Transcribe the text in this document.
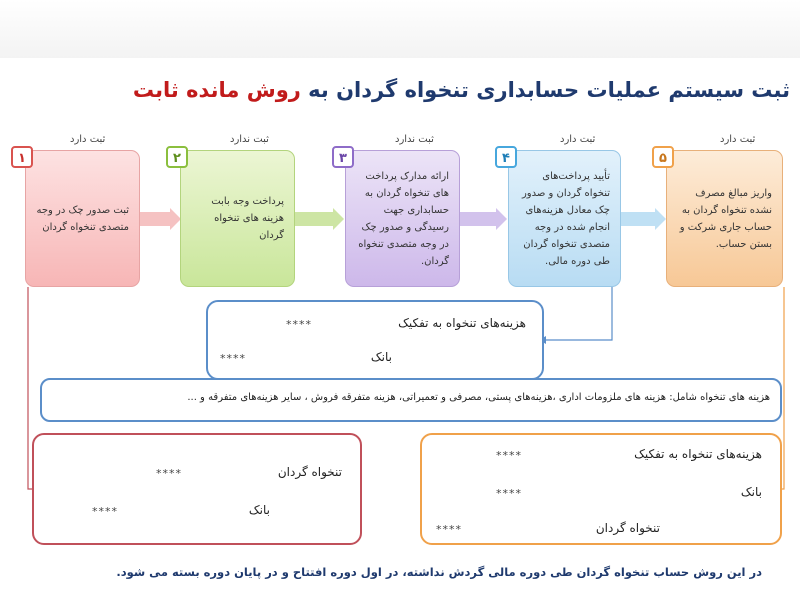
ثبت سیستم عملیات حسابداری تنخواه گردان به روش مانده ثابت
ثبت دارد	ثبت ندارد	ثبت ندارد	ثبت دارد	ثبت دارد
ثبت صدور چک در وجه متصدی تنخواه گردان
پرداخت وجه بابت هزینه های تنخواه گردان
ارائه مدارک پرداخت های تنخواه گردان به حسابداری جهت رسیدگی و صدور چک در وجه متصدی تنخواه گردان.
تأیید پرداخت‌های تنخواه گردان و صدور چک معادل هزینه‌های انجام شده در وجه متصدی تنخواه گردان طی دوره مالی.
واریز مبالغ مصرف نشده تنخواه گردان به حساب جاری شرکت و بستن حساب.
۱	۲	۳	۴	۵
هزینه‌های تنخواه به تفکیک
****
بانک
****
هزینه های تنخواه شامل: هزینه های ملزومات اداری ،هزینه‌های پستی، مصرفی و تعمیراتی، هزینه متفرقه فروش ، سایر هزینه‌های متفرقه و ...
تنخواه گردان
****
بانک
****
هزینه‌های تنخواه به تفکیک
****
بانک
****
تنخواه گردان
****
در این روش حساب تنخواه گردان طی دوره مالی گردش نداشته، در اول دوره افتتاح و در پایان دوره بسته می شود.
